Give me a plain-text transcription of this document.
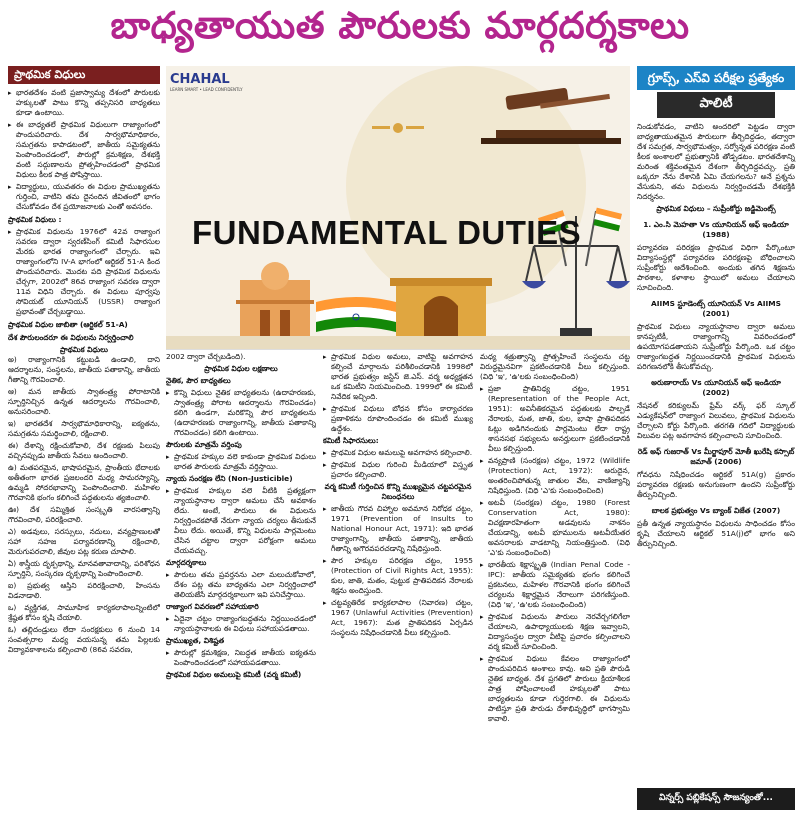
బాధ్యతాయుత పౌరులకు మార్గదర్శకాలు
ప్రాథమిక విధులు
▸ భారతదేశం వంటి ప్రజాస్వామ్య దేశంలో పౌరులకు హక్కులతో పాటు కొన్ని తప్పనిసరి బాధ్యతలు కూడా ఉంటాయి.
▸ ఈ బాధ్యతలే ప్రాథమిక విధులుగా రాజ్యాంగంలో పొందుపరిచారు. దేశ సార్వభౌమాధికారం, సమగ్రతను కాపాడటంలో, జాతీయ సమైక్యతను పెంపొందించడంలో, పౌరుల్లో క్రమశిక్షణ, దేశభక్తి వంటి సద్గుణాలను ప్రోత్సహించడంలో ప్రాథమిక విధులు కీలక పాత్ర పోషిస్తాయి.
▸ విద్యార్థులు, యువతరం ఈ విధుల ప్రాముఖ్యతను గుర్తించి, వాటిని తమ దైనందిన జీవితంలో భాగం చేసుకోవడం దేశ ప్రయోజనాలకు ఎంతో అవసరం.
ప్రాథమిక విధులు :
▸ ప్రాథమిక విధులను 1976లో 42వ రాజ్యాంగ సవరణ ద్వారా స్వరణ్‌సింగ్ కమిటీ సిఫారసుల మేరకు భారత రాజ్యాంగంలో చేర్చారు. ఇవి రాజ్యాంగంలోని IV-A భాగంలో ఆర్టికల్ 51-A కింద పొందుపరిచారు. మొదట పది ప్రాథమిక విధులను చేర్చగా, 2002లో 86వ రాజ్యాంగ సవరణ ద్వారా 11వ విధిని చేర్చారు. ఈ విధులు పూర్వపు సోవియట్ యూనియన్ (USSR) రాజ్యాంగ ప్రభావంతో చేర్చబడ్డాయి.
ప్రాథమిక విధుల జాబితా (ఆర్టికల్ 51-A)
దేశ పౌరులందరూ ఈ విధులను నిర్వర్తించాలి
ప్రాథమిక విధులు

అ) రాజ్యాంగానికి కట్టుబడి ఉండాలి, దాని ఆదర్శాలను, సంస్థలను, జాతీయ పతాకాన్ని, జాతీయ గీతాన్ని గౌరవించాలి.

ఆ) మన జాతీయ స్వాతంత్ర్య పోరాటానికి స్ఫూర్తినిచ్చిన ఉన్నత ఆదర్శాలను గౌరవించాలి, అనుసరించాలి.

ఇ) భారతదేశ సార్వభౌమాధికారాన్ని, ఐక్యతను, సమగ్రతను సమర్థించాలి, రక్షించాలి.

ఈ) దేశాన్ని రక్షించుకోవాలి, దేశ రక్షణకు పిలుపు వచ్చినప్పుడు జాతీయ సేవలు అందించాలి.

ఉ) మతపరమైన, భాషాపరమైన, ప్రాంతీయ భేదాలకు అతీతంగా భారత ప్రజలందరి మధ్య సామరస్యాన్ని, ఉమ్మడి సోదరభావాన్ని పెంపొందించాలి. మహిళల గౌరవానికి భంగం కలిగించే పద్ధతులను త్యజించాలి.

ఊ) దేశ సమ్మిశ్రిత సంస్కృతి వారసత్వాన్ని గౌరవించాలి, పరిరక్షించాలి.

ఎ) అడవులు, సరస్సులు, నదులు, వన్యప్రాణులతో సహా సహజ పర్యావరణాన్ని రక్షించాలి, మెరుగుపరచాలి, జీవుల పట్ల కరుణ చూపాలి.

ఏ) శాస్త్రీయ దృక్పథాన్ని, మానవతావాదాన్ని, పరిశోధన స్ఫూర్తిని, సంస్కరణ దృక్పథాన్ని పెంపొందించాలి.

ఐ) ప్రభుత్వ ఆస్తిని పరిరక్షించాలి, హింసను విడనాడాలి.

ఒ) వ్యక్తిగత, సామూహిక కార్యకలాపాలన్నింటిలో శ్రేష్ఠత కోసం కృషి చేయాలి.

ఓ) తల్లిదండ్రులు లేదా సంరక్షకులు 6 నుంచి 14 సంవత్సరాల మధ్య వయసున్న తమ పిల్లలకు విద్యావకాశాలను కల్పించాలి (86వ సవరణ,

CHAHAL
LEARN SMART • LEAD CONFIDENTLY
FUNDAMENTAL DUTIES

2002 ద్వారా చేర్చబడింది).

ప్రాథమిక విధుల లక్షణాలు

నైతిక, పౌర బాధ్యతలు

▸ కొన్ని విధులు నైతిక బాధ్యతలను (ఉదాహరణకు, స్వాతంత్ర్య పోరాట ఆదర్శాలను గౌరవించడం) కలిగి ఉండగా, మరికొన్ని పౌర బాధ్యతలను (ఉదాహరణకు రాజ్యాంగాన్ని, జాతీయ పతాకాన్ని గౌరవించడం) కలిగి ఉంటాయి.

పౌరులకు మాత్రమే వర్తింపు

▸ ప్రాథమిక హక్కుల వలె కాకుండా ప్రాథమిక విధులు భారత పౌరులకు మాత్రమే వర్తిస్తాయి.

న్యాయ సంరక్షణ లేని (Non-Justicible)

▸ ప్రాథమిక హక్కుల వలె వీటికి ప్రత్యక్షంగా న్యాయస్థానాల ద్వారా అమలు చేసే అవకాశం లేదు. అంటే, పౌరులు ఈ విధులను నిర్వర్తించకపోతే నేరుగా న్యాయ చర్యలు తీసుకునే వీలు లేదు. అయితే, కొన్ని విధులను పార్లమెంటు చేసిన చట్టాల ద్వారా పరోక్షంగా అమలు చేయవచ్చు.

మార్గదర్శకాలు

▸ పౌరులు తమ ప్రవర్తనను ఎలా మలుచుకోవాలో, దేశం పట్ల తమ బాధ్యతను ఎలా నిర్వర్తించాలో తెలియజేసే మార్గదర్శకాలుగా ఇవి పనిచేస్తాయి.

రాజ్యాంగ వివరణలో సహాయకారి

▸ ఏదైనా చట్టం రాజ్యాంగబద్ధతను నిర్ణయించడంలో న్యాయస్థానాలకు ఈ విధులు సహాయపడతాయి.

ప్రాముఖ్యత, విశిష్టత

▸ పౌరుల్లో క్రమశిక్షణ, నిబద్ధత జాతీయ ఐక్యతను పెంపొందించడంలో సహాయపడతాయి.

ప్రాథమిక విధుల అమలుపై కమిటీ (వర్మ కమిటీ)

▸ ప్రాథమిక విధుల అమలు, వాటిపై అవగాహన కల్పించే మార్గాలను పరిశీలించడానికి 1998లో భారత ప్రభుత్వం జస్టిస్ జె.ఎస్. వర్మ అధ్యక్షతన ఒక కమిటీని నియమించింది. 1999లో ఈ కమిటీ నివేదిక ఇచ్చింది.
▸ ప్రాథమిక విధులు బోధన కోసం కార్యాచరణ ప్రణాళికను రూపొందించడం ఈ కమిటీ ముఖ్య ఉద్దేశం.

కమిటీ సిఫారసులు:

▸ ప్రాథమిక విధుల అమలుపై అవగాహన కల్పించాలి.
▸ ప్రాథమిక విధుల గురించి మీడియాలో విస్తృత ప్రచారం కల్పించాలి.

వర్మ కమిటీ గుర్తించిన కొన్ని ముఖ్యమైన చట్టపరమైన నిబంధనలు

▸ జాతీయ గౌరవ చిహ్నాల అవమాన నిరోధక చట్టం, 1971 (Prevention of Insults to National Honour Act, 1971): ఇది భారత రాజ్యాంగాన్ని, జాతీయ పతాకాన్ని, జాతీయ గీతాన్ని అగౌరవపరచడాన్ని నిషేధిస్తుంది.
▸ పౌర హక్కుల పరిరక్షణ చట్టం, 1955 (Protection of Civil Rights Act, 1955): కుల, జాతి, మతం, పుట్టుక ప్రాతిపదికన నేరాలకు శిక్షను అందిస్తుంది.
▸ చట్టవ్యతిరేక కార్యకలాపాల (నివారణ) చట్టం, 1967 (Unlawful Activities (Prevention) Act, 1967): మత ప్రాతిపదికన ఏర్పడిన సంస్థలను నిషేధించడానికి వీలు కల్పిస్తుంది.

మధ్య శత్రుత్వాన్ని ప్రోత్సహించే సంస్థలను చట్ట విరుద్ధమైనవిగా ప్రకటించడానికి వీలు కల్పిస్తుంది. (విధి 'ఇ', 'ఉ'లకు సంబంధించింది)

▸ ప్రజా ప్రాతినిధ్య చట్టం, 1951 (Representation of the People Act, 1951): అవినీతికరమైన పద్ధతులకు పాల్పడే నేరాలకు, మత, జాతి, కుల, భాషా ప్రాతిపదికన ఓట్లు అడిగినందుకు పార్లమెంటు లేదా రాష్ట్ర శాసనసభ సభ్యులను అనర్హులుగా ప్రకటించడానికి వీలు కల్పిస్తుంది.
▸ వన్యప్రాణి (సంరక్షణ) చట్టం, 1972 (Wildlife (Protection) Act, 1972): అరుదైన, అంతరించిపోతున్న జాతుల వేట, వాణిజ్యాన్ని నిషేధిస్తుంది. (విధి 'ఎ'కు సంబంధించింది)
▸ అటవీ (సంరక్షణ) చట్టం, 1980 (Forest Conservation Act, 1980): విచక్షణారహితంగా అడవులను నాశనం చేయడాన్ని, అటవీ భూములను అటవీయేతర అవసరాలకు వాడటాన్ని నియంత్రిస్తుంది. (విధి 'ఎ'కు సంబంధించింది)
▸ భారతీయ శిక్షాస్మృతి (Indian Penal Code - IPC): జాతీయ సమైక్యతకు భంగం కలిగించే ప్రకటనలు, మహిళల గౌరవానికి భంగం కలిగించే చర్యలను శిక్షార్హమైన నేరాలుగా పరిగణిస్తుంది. (విధి 'ఇ', 'ఉ'లకు సంబంధించింది)
▸ ప్రాథమిక విధులను పౌరులు నెరవేర్చగలిగేలా చేయాలని, ఉపాధ్యాయులకు శిక్షణ ఇవ్వాలని, విద్యాసంస్థల ద్వారా వీటిపై ప్రచారం కల్పించాలని వర్మ కమిటీ సూచించింది.
▸ ప్రాథమిక విధులు కేవలం రాజ్యాంగంలో పొందుపరిచిన అంశాలు కావు. అవి ప్రతి పౌరుడి నైతిక బాధ్యత. దేశ ప్రగతిలో పౌరులు క్రియాశీలక పాత్ర పోషించాలంటే హక్కులతో పాటు బాధ్యతలను కూడా గుర్తెరగాలి. ఈ విధులను పాటిస్తూ ప్రతి పౌరుడు దేశాభివృద్ధిలో భాగస్వామి కావాలి.
గ్రూప్స్, ఎస్‌వి పరీక్షల ప్రత్యేకం
పాలిటీ

నిండుకోవడం, వాటిని అందరిలో పెట్టడం ద్వారా బాధ్యతాయుతమైన పౌరులుగా తీర్చిదిద్దడం, తద్వారా దేశ సమగ్రత, సార్వభౌమత్వం, సర్వోన్నత పరిరక్షణ వంటి కీలక అంశాలలో ప్రభుత్వానికి తోడ్పడటం. భారతదేశాన్ని మరింత శక్తివంతమైన దేశంగా తీర్చిదిద్దవచ్చు. ప్రతి ఒక్కరూ నేను దేశానికి ఏమి చేయగలను? అనే ప్రశ్నను వేసుకుని, తమ విధులను నిర్వర్తించడమే దేశభక్తికి నిదర్శనం.

ప్రాథమిక విధులు – సుప్రీంకోర్టు జడ్జిమెంట్స్

1. ఎం.సి మెహతా Vs యూనియన్ ఆఫ్ ఇండియా (1988)

పర్యావరణ పరిరక్షణ ప్రాథమిక విధిగా పేర్కొంటూ విద్యాసంస్థల్లో పర్యావరణ పరిరక్షణపై బోధించాలని సుప్రీంకోర్టు ఆదేశించింది. అందుకు తగిన శిక్షణను పాఠశాల, కళాశాల స్థాయిలో అమలు చేయాలని సూచించింది.

AIIMS స్టూడెంట్స్ యూనియన్ Vs AIIMS (2001)

ప్రాథమిక విధులు న్యాయస్థానాల ద్వారా అమలు కానప్పటికీ, రాజ్యాంగాన్ని వివరించడంలో ఉపయోగపడతాయని సుప్రీంకోర్టు పేర్కొంది. ఒక చట్టం రాజ్యాంగబద్ధత నిర్ణయించడానికి ప్రాథమిక విధులను పరిగణనలోకి తీసుకోవచ్చు.

అరుణారాయ్ Vs యూనియన్ ఆఫ్ ఇండియా (2002)

నేషనల్ కరిక్యులమ్ ఫ్రేమ్ వర్క్ ఫర్ స్కూల్ ఎడ్యుకేషన్‌లో రాజ్యాంగ విలువలు, ప్రాథమిక విధులను చేర్చాలని కోర్టు పేర్కొంది. తరగతి గదిలో విద్యార్థులకు విలువల పట్ల అవగాహన కల్పించాలని సూచించింది.

రెడ్ అఫ్ గుజరాత్ Vs మీర్జాపూర్ మోతీ ఖురేషి కస్సాబ్ జమాత్ (2006)

గోవధను నిషేధించడం ఆర్టికల్ 51A(g) ప్రకారం పర్యావరణ రక్షణకు అనుగుణంగా ఉందని సుప్రీంకోర్టు తీర్పునిచ్చింది.

బాలక ప్రభుత్వం Vs బ్యాంక్ విజేత (2007)

ప్రతీ ఉన్నత న్యాయస్థానం విధులను సాధించడం కోసం కృషి చేయాలని ఆర్టికల్ 51A(j)లో భాగం అని తీర్పునిచ్చింది.

విన్నర్స్ పబ్లికేషన్స్ సౌజన్యంతో...
